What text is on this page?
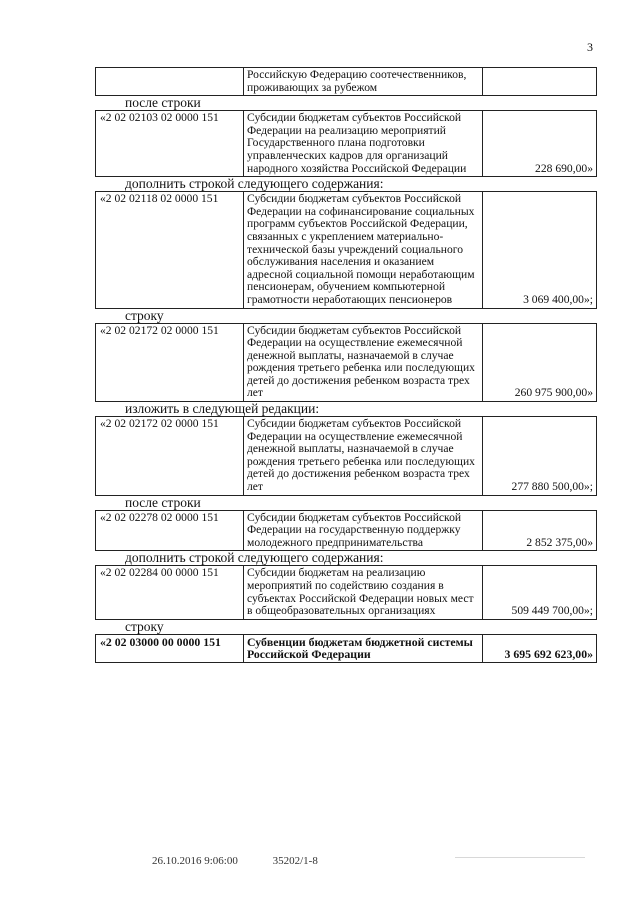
3
	Российскую Федерацию соотечественников, проживающих за рубежом	
после строки
«2 02 02103 02 0000 151	Субсидии бюджетам субъектов Российской Федерации на реализацию мероприятий Государственного плана подготовки управленческих кадров для организаций народного хозяйства Российской Федерации	228 690,00»
дополнить строкой следующего содержания:
«2 02 02118 02 0000 151	Субсидии бюджетам субъектов Российской Федерации на софинансирование социальных программ субъектов Российской Федерации, связанных с укреплением материально-технической базы учреждений социального обслуживания населения и оказанием адресной социальной помощи неработающим пенсионерам, обучением компьютерной грамотности неработающих пенсионеров	3 069 400,00»;
строку
«2 02 02172 02 0000 151	Субсидии бюджетам субъектов Российской Федерации на осуществление ежемесячной денежной выплаты, назначаемой в случае рождения третьего ребенка или последующих детей до достижения ребенком возраста трех лет	260 975 900,00»
изложить в следующей редакции:
«2 02 02172 02 0000 151	Субсидии бюджетам субъектов Российской Федерации на осуществление ежемесячной денежной выплаты, назначаемой в случае рождения третьего ребенка или последующих детей до достижения ребенком возраста трех лет	277 880 500,00»;
после строки
«2 02 02278 02 0000 151	Субсидии бюджетам субъектов Российской Федерации на государственную поддержку молодежного предпринимательства	2 852 375,00»
дополнить строкой следующего содержания:
«2 02 02284 00 0000 151	Субсидии бюджетам на реализацию мероприятий по содействию создания в субъектах Российской Федерации новых мест в общеобразовательных организациях	509 449 700,00»;
строку
«2 02 03000 00 0000 151	Субвенции бюджетам бюджетной системы Российской Федерации	3 695 692 623,00»
26.10.2016 9:06:00	35202/1-8
